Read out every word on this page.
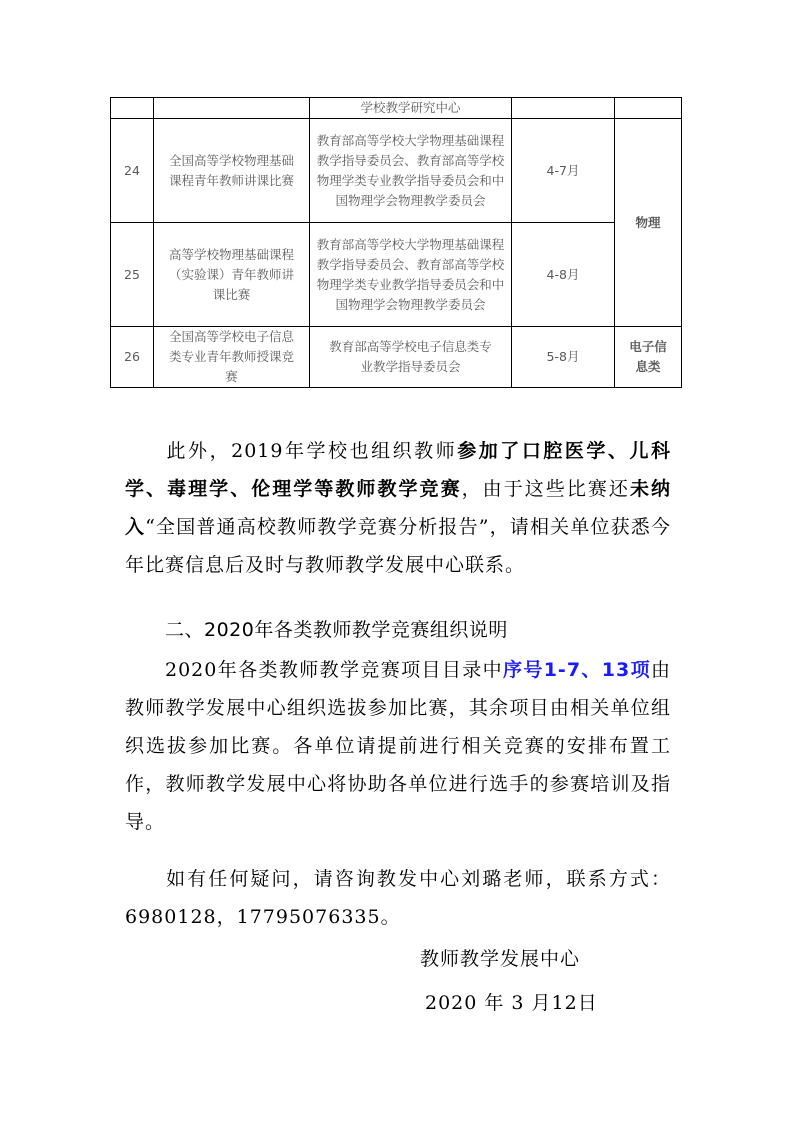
		学校教学研究中心		
24	全国高等学校物理基础课程青年教师讲课比赛	教育部高等学校大学物理基础课程教学指导委员会、教育部高等学校物理学类专业教学指导委员会和中国物理学会物理教学委员会	4-7月	物理
25	高等学校物理基础课程（实验课）青年教师讲课比赛	教育部高等学校大学物理基础课程教学指导委员会、教育部高等学校物理学类专业教学指导委员会和中国物理学会物理教学委员会	4-8月	
26	全国高等学校电子信息类专业青年教师授课竞赛	教育部高等学校电子信息类专业教学指导委员会	5-8月	电子信息类
此外，2019年学校也组织教师参加了口腔医学、儿科学、毒理学、伦理学等教师教学竞赛，由于这些比赛还未纳入“全国普通高校教师教学竞赛分析报告”，请相关单位获悉今年比赛信息后及时与教师教学发展中心联系。
二、2020年各类教师教学竞赛组织说明
2020年各类教师教学竞赛项目目录中序号1-7、13项由教师教学发展中心组织选拔参加比赛，其余项目由相关单位组织选拔参加比赛。各单位请提前进行相关竞赛的安排布置工作，教师教学发展中心将协助各单位进行选手的参赛培训及指导。
如有任何疑问，请咨询教发中心刘璐老师，联系方式：6980128，17795076335。
教师教学发展中心
2020 年 3 月12日
